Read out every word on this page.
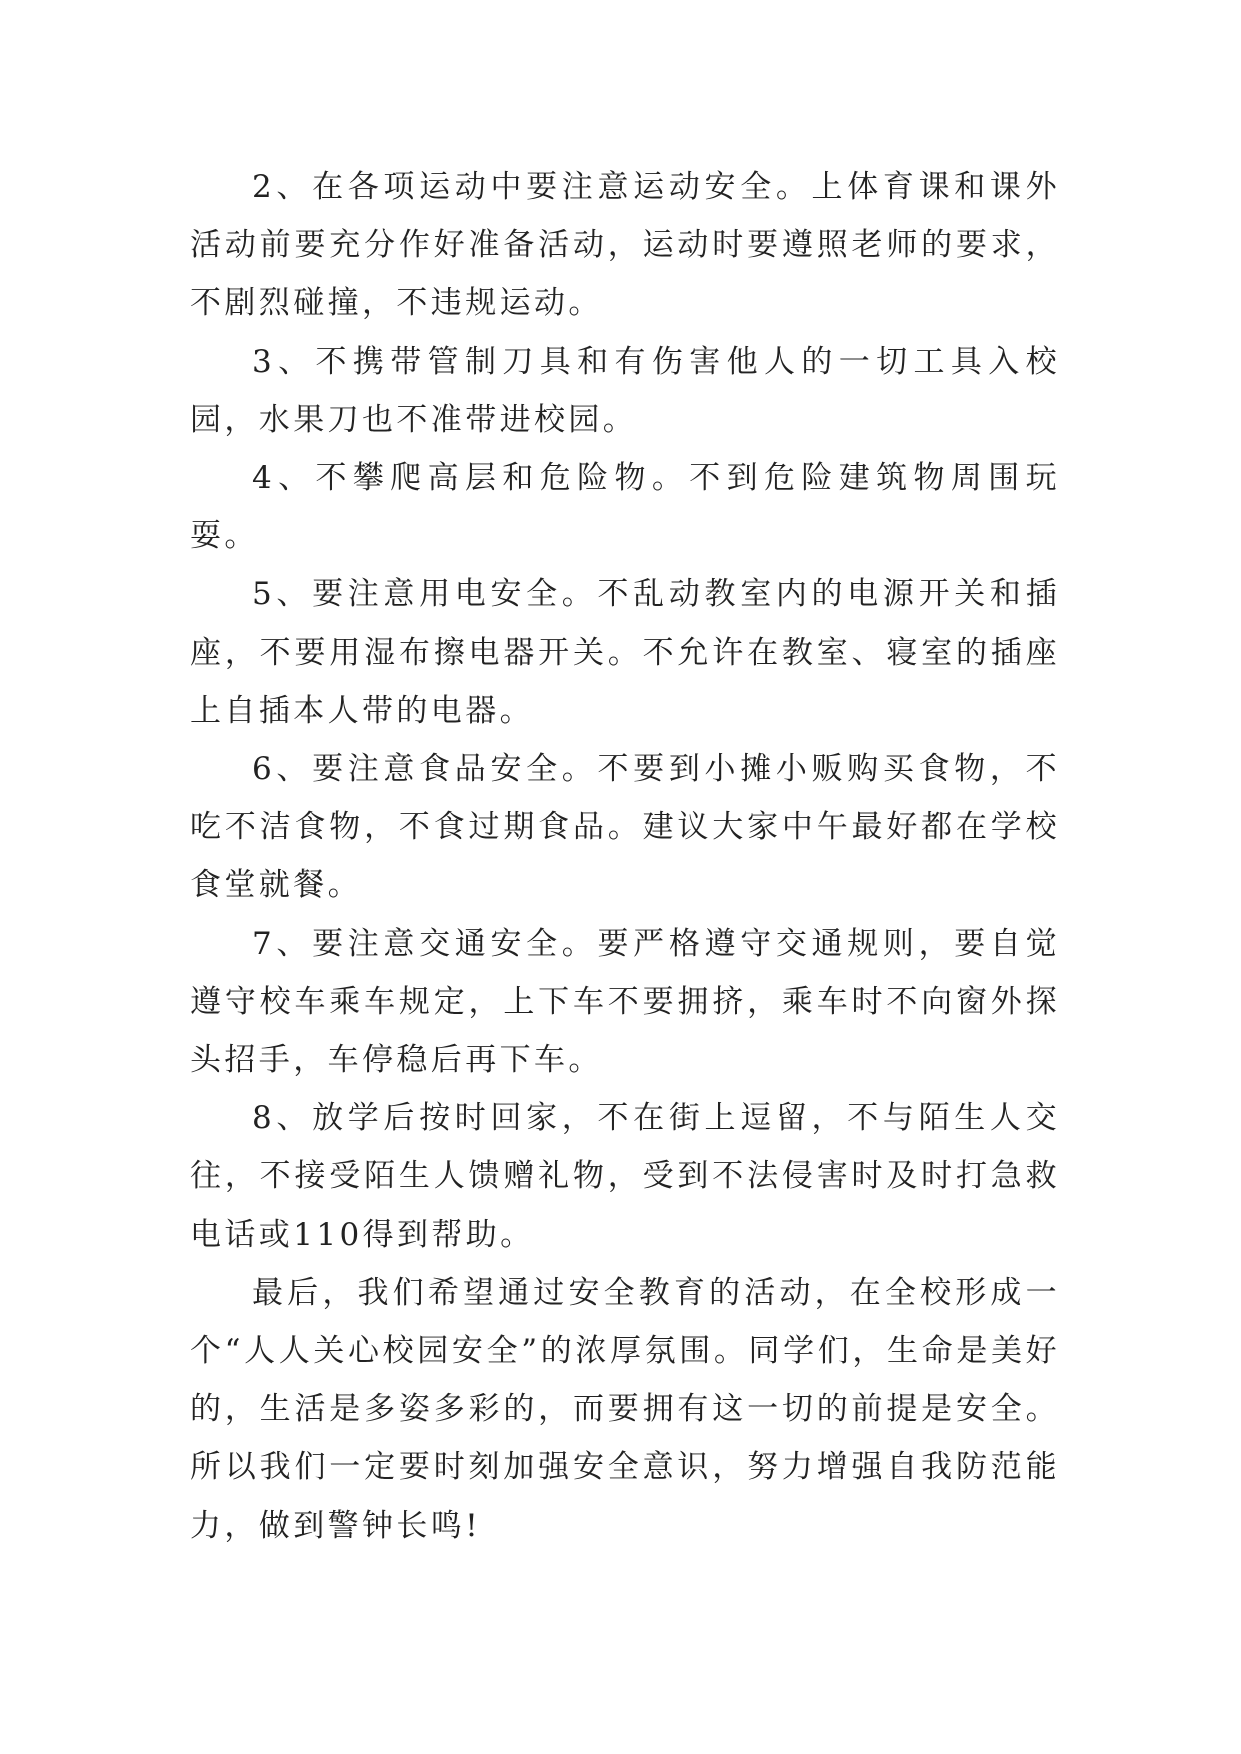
2、在各项运动中要注意运动安全。上体育课和课外活动前要充分作好准备活动，运动时要遵照老师的要求，不剧烈碰撞，不违规运动。

3、不携带管制刀具和有伤害他人的一切工具入校园，水果刀也不准带进校园。

4、不攀爬高层和危险物。不到危险建筑物周围玩耍。

5、要注意用电安全。不乱动教室内的电源开关和插座，不要用湿布擦电器开关。不允许在教室、寝室的插座上自插本人带的电器。

6、要注意食品安全。不要到小摊小贩购买食物，不吃不洁食物，不食过期食品。建议大家中午最好都在学校食堂就餐。

7、要注意交通安全。要严格遵守交通规则，要自觉遵守校车乘车规定，上下车不要拥挤，乘车时不向窗外探头招手，车停稳后再下车。

8、放学后按时回家，不在街上逗留，不与陌生人交往，不接受陌生人馈赠礼物，受到不法侵害时及时打急救电话或110得到帮助。

最后，我们希望通过安全教育的活动，在全校形成一个“人人关心校园安全”的浓厚氛围。同学们，生命是美好的，生活是多姿多彩的，而要拥有这一切的前提是安全。所以我们一定要时刻加强安全意识，努力增强自我防范能力，做到警钟长鸣!
